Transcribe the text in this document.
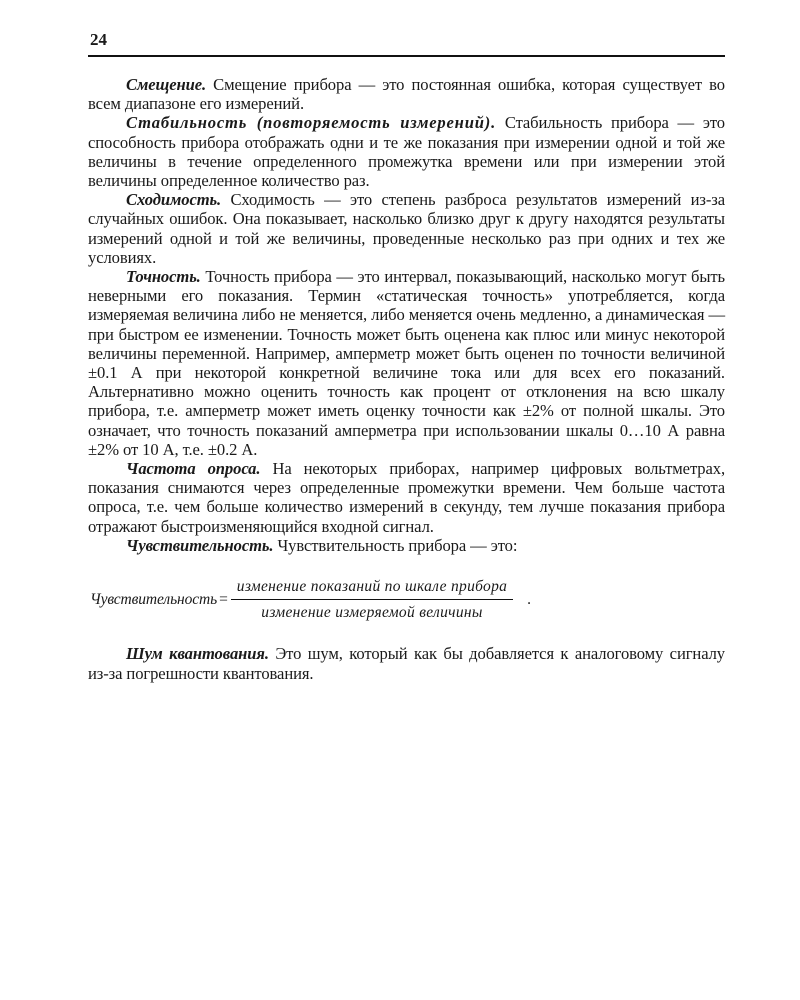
24

Смещение. Смещение прибора — это постоянная ошибка, которая существует во всем диапазоне его измерений.

Стабильность (повторяемость измерений). Стабильность прибора — это способность прибора отображать одни и те же показания при измерении одной и той же величины в течение определенного промежутка времени или при измерении этой величины определенное количество раз.

Сходимость. Сходимость — это степень разброса результатов измерений из-за случайных ошибок. Она показывает, насколько близко друг к другу находятся результаты измерений одной и той же величины, проведенные несколько раз при одних и тех же условиях.

Точность. Точность прибора — это интервал, показывающий, насколько могут быть неверными его показания. Термин «статическая точность» употребляется, когда измеряемая величина либо не меняется, либо меняется очень медленно, а динамическая — при быстром ее изменении. Точность может быть оценена как плюс или минус некоторой величины переменной. Например, амперметр может быть оценен по точности величиной ±0.1 А при некоторой конкретной величине тока или для всех его показаний. Альтернативно можно оценить точность как процент от отклонения на всю шкалу прибора, т.е. амперметр может иметь оценку точности как ±2% от полной шкалы. Это означает, что точность показаний амперметра при использовании шкалы 0…10 А равна ±2% от 10 А, т.е. ±0.2 А.

Частота опроса. На некоторых приборах, например цифровых вольтметрах, показания снимаются через определенные промежутки времени. Чем больше частота опроса, т.е. чем больше количество измерений в секунду, тем лучше показания прибора отражают быстроизменяющийся входной сигнал.

Чувствительность. Чувствительность прибора — это:

Чувствительность = $\frac{\text{изменение показаний по шкале прибора}}{\text{изменение измеряемой величины}}$ .

Шум квантования. Это шум, который как бы добавляется к аналоговому сигналу из-за погрешности квантования.
